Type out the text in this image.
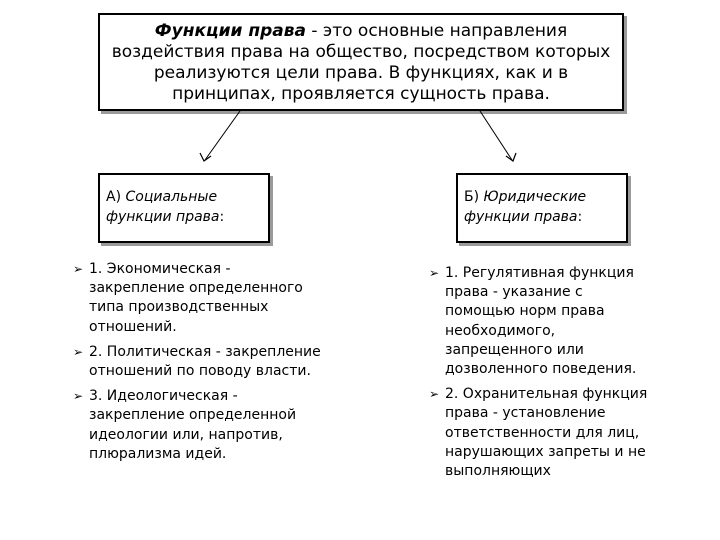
Функции права - это основные направления воздействия права на общество, посредством которых реализуются цели права. В функциях, как и в принципах, проявляется сущность права.
А) Социальные функции права:
Б) Юридические функции права:
➢ 1. Экономическая - закрепление определенного типа производственных отношений.
➢ 2. Политическая - закрепление отношений по поводу власти.
➢ 3. Идеологическая - закрепление определенной идеологии или, напротив, плюрализма идей.
➢ 1. Регулятивная функция права - указание с помощью норм права необходимого, запрещенного или дозволенного поведения.
➢ 2. Охранительная функция права - установление ответственности для лиц, нарушающих запреты и не выполняющих
